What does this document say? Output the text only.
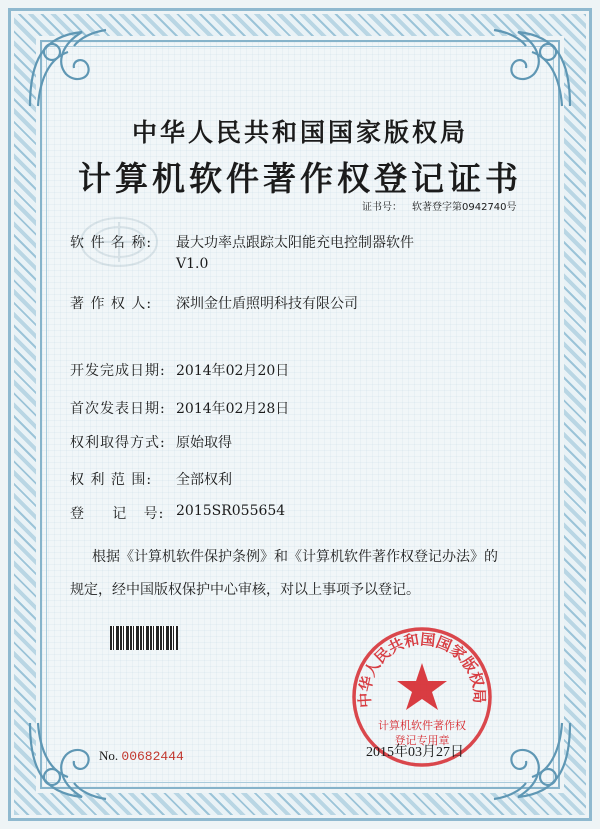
中华人民共和国国家版权局
计算机软件著作权登记证书
证书号： 软著登字第0942740号
软 件 名 称:	最大功率点跟踪太阳能充电控制器软件
V1.0
著 作 权 人:	深圳金仕盾照明科技有限公司
开发完成日期: 2014年02月20日
首次发表日期: 2014年02月28日
权利取得方式: 原始取得
权 利 范 围:	全部权利
登     记   号: 2015SR055654
根据《计算机软件保护条例》和《计算机软件著作权登记办法》的
规定，经中国版权保护中心审核，对以上事项予以登记。
中华人民共和国国家版权局
计算机软件著作权
登记专用章
No. 00682444	2015年03月27日
